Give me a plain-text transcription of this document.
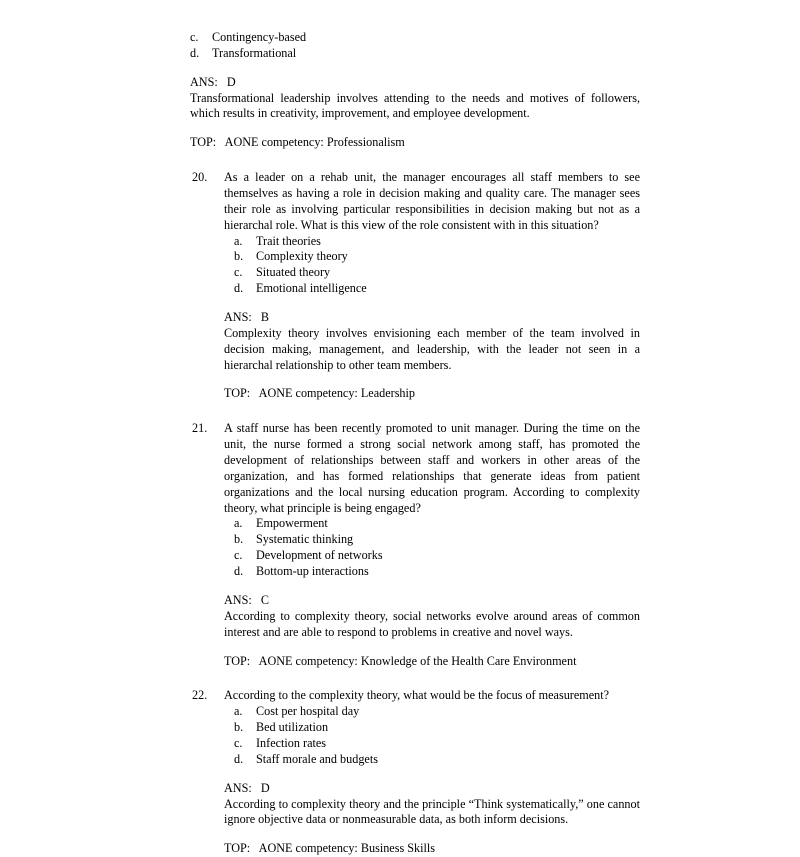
c.	Contingency-based
d.	Transformational
ANS:   D
Transformational leadership involves attending to the needs and motives of followers, which results in creativity, improvement, and employee development.
TOP:   AONE competency: Professionalism
20.	As a leader on a rehab unit, the manager encourages all staff members to see themselves as having a role in decision making and quality care. The manager sees their role as involving particular responsibilities in decision making but not as a hierarchal role. What is this view of the role consistent with in this situation?
a.	Trait theories
b.	Complexity theory
c.	Situated theory
d.	Emotional intelligence
ANS:   B
Complexity theory involves envisioning each member of the team involved in decision making, management, and leadership, with the leader not seen in a hierarchal relationship to other team members.
TOP:   AONE competency: Leadership
21.	A staff nurse has been recently promoted to unit manager. During the time on the unit, the nurse formed a strong social network among staff, has promoted the development of relationships between staff and workers in other areas of the organization, and has formed relationships that generate ideas from patient organizations and the local nursing education program. According to complexity theory, what principle is being engaged?
a.	Empowerment
b.	Systematic thinking
c.	Development of networks
d.	Bottom-up interactions
ANS:   C
According to complexity theory, social networks evolve around areas of common interest and are able to respond to problems in creative and novel ways.
TOP:   AONE competency: Knowledge of the Health Care Environment
22.	According to the complexity theory, what would be the focus of measurement?
a.	Cost per hospital day
b.	Bed utilization
c.	Infection rates
d.	Staff morale and budgets
ANS:   D
According to complexity theory and the principle “Think systematically,” one cannot ignore objective data or nonmeasurable data, as both inform decisions.
TOP:   AONE competency: Business Skills
